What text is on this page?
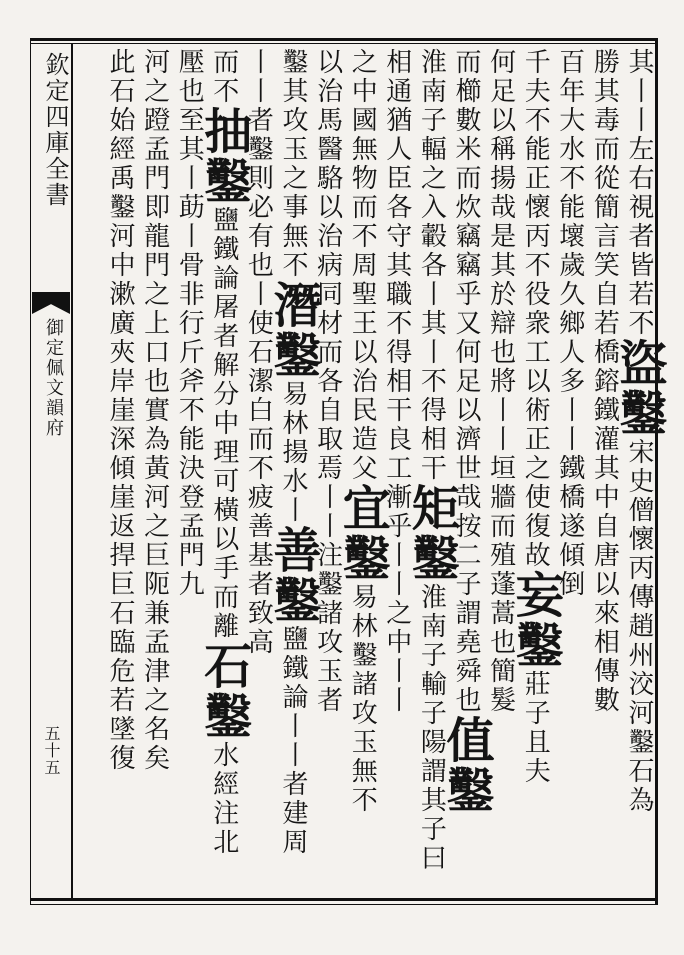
欽定四庫全書
御定佩文韻府
五十五
其丨丨左右視者皆若不盜鑿宋史僧懷丙傳趙州洨河鑿石為
勝其毒而從簡言笑自若橋鎔鐵灌其中自唐以來相傳數
百年大水不能壞歲久鄉人多丨丨鐵橋遂傾倒
千夫不能正懷丙不役衆工以術正之使復故妄鑿莊子且夫
何足以稱揚哉是其於辯也將丨丨垣牆而殖蓬蒿也簡髮
而櫛數米而炊竊竊乎又何足以濟世哉按二子謂堯舜也值鑿
淮南子輻之入轂各丨其丨不得相干矩鑿淮南子輸子陽謂其子曰
相通猶人臣各守其職不得相干良工漸乎丨丨之中丨丨
之中國無物而不周聖王以治民造父宜鑿易林鑿諸攻玉無不
以治馬醫駱以治病同材而各自取焉丨丨注鑿諸攻玉者
鑿其攻玉之事無不潛鑿易林揚水丨善鑿鹽鐵論丨丨者建周
丨丨者鑿則必有也丨使石潔白而不疲善基者致高
而不抽鑿鹽鐵論屠者解分中理可橫以手而離石鑿水經注北
壓也至其丨莇丨骨非行斤斧不能決登孟門九
河之蹬孟門即龍門之上口也實為黃河之巨阨兼孟津之名矣
此石始經禹鑿河中漱廣夾岸崖深傾崖返捍巨石臨危若墜復
